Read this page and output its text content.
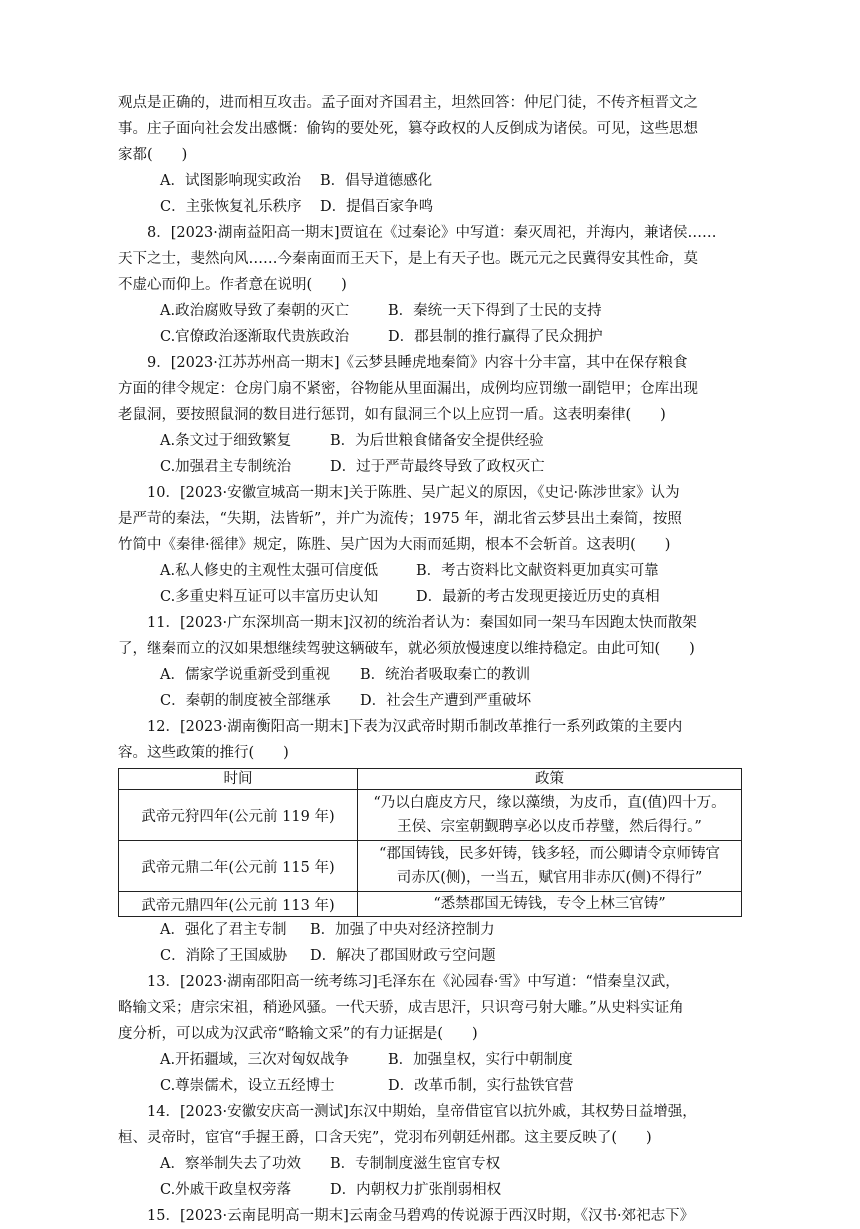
观点是正确的，进而相互攻击。孟子面对齐国君主，坦然回答：仲尼门徒，不传齐桓晋文之
事。庄子面向社会发出感慨：偷钩的要处死，篡夺政权的人反倒成为诸侯。可见，这些思想
家都(　　)
A．试图影响现实政治	B．倡导道德感化
C．主张恢复礼乐秩序	D．提倡百家争鸣
8．[2023·湖南益阳高一期末]贾谊在《过秦论》中写道：秦灭周祀，并海内，兼诸侯……
天下之士，斐然向风……今秦南面而王天下，是上有天子也。既元元之民冀得安其性命，莫
不虚心而仰上。作者意在说明(　　)
A.政治腐败导致了秦朝的灭亡	B．秦统一天下得到了士民的支持
C.官僚政治逐渐取代贵族政治	D．郡县制的推行赢得了民众拥护
9．[2023·江苏苏州高一期末]《云梦县睡虎地秦简》内容十分丰富，其中在保存粮食
方面的律令规定：仓房门扇不紧密，谷物能从里面漏出，成例均应罚缴一副铠甲；仓库出现
老鼠洞，要按照鼠洞的数目进行惩罚，如有鼠洞三个以上应罚一盾。这表明秦律(　　)
A.条文过于细致繁复	B．为后世粮食储备安全提供经验
C.加强君主专制统治	D．过于严苛最终导致了政权灭亡
10．[2023·安徽宣城高一期末]关于陈胜、吴广起义的原因，《史记·陈涉世家》认为
是严苛的秦法，“失期，法皆斩”，并广为流传；1975 年，湖北省云梦县出土秦简，按照
竹简中《秦律·徭律》规定，陈胜、吴广因为大雨而延期，根本不会斩首。这表明(　　)
A.私人修史的主观性太强可信度低	B．考古资料比文献资料更加真实可靠
C.多重史料互证可以丰富历史认知	D．最新的考古发现更接近历史的真相
11．[2023·广东深圳高一期末]汉初的统治者认为：秦国如同一架马车因跑太快而散架
了，继秦而立的汉如果想继续驾驶这辆破车，就必须放慢速度以维持稳定。由此可知(　　)
A．儒家学说重新受到重视	B．统治者吸取秦亡的教训
C．秦朝的制度被全部继承	D．社会生产遭到严重破坏
12．[2023·湖南衡阳高一期末]下表为汉武帝时期币制改革推行一系列政策的主要内
容。这些政策的推行(　　)
时间	政策
武帝元狩四年(公元前 119 年)	“乃以白鹿皮方尺，缘以藻缋，为皮币，直(值)四十万。
王侯、宗室朝觐聘享必以皮币荐璧，然后得行。”

武帝元鼎二年(公元前 115 年)	“郡国铸钱，民多奸铸，钱多轻，而公卿请令京师铸官
司赤仄(侧)，一当五，赋官用非赤仄(侧)不得行”

武帝元鼎四年(公元前 113 年)	“悉禁郡国无铸钱，专令上林三官铸”
A．强化了君主专制	B．加强了中央对经济控制力
C．消除了王国威胁	D．解决了郡国财政亏空问题
13．[2023·湖南邵阳高一统考练习]毛泽东在《沁园春·雪》中写道：“惜秦皇汉武，
略输文采；唐宗宋祖，稍逊风骚。一代天骄，成吉思汗，只识弯弓射大雕。”从史料实证角
度分析，可以成为汉武帝“略输文采”的有力证据是(　　)
A.开拓疆域，三次对匈奴战争	B．加强皇权，实行中朝制度
C.尊崇儒术，设立五经博士	D．改革币制，实行盐铁官营
14．[2023·安徽安庆高一测试]东汉中期始，皇帝借宦官以抗外戚，其权势日益增强，
桓、灵帝时，宦官“手握王爵，口含天宪”，党羽布列朝廷州郡。这主要反映了(　　)
A．察举制失去了功效	B．专制制度滋生宦官专权
C.外戚干政皇权旁落	D．内朝权力扩张削弱相权
15．[2023·云南昆明高一期末]云南金马碧鸡的传说源于西汉时期，《汉书·郊祀志下》
